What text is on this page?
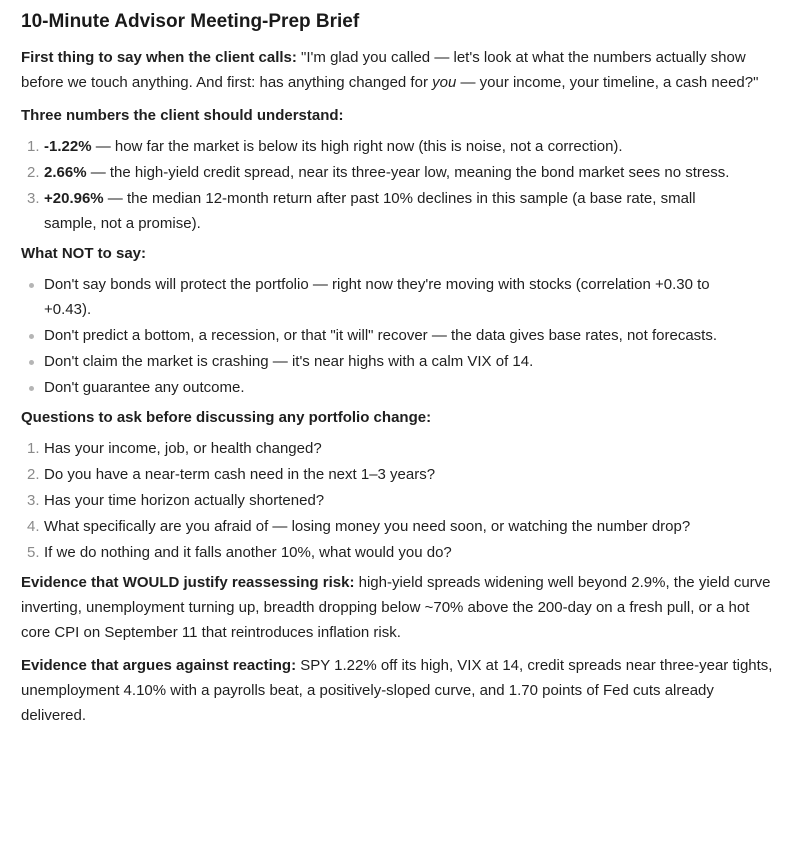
10-Minute Advisor Meeting-Prep Brief

First thing to say when the client calls: "I'm glad you called — let's look at what the numbers actually show before we touch anything. And first: has anything changed for you — your income, your timeline, a cash need?"

Three numbers the client should understand:

1. -1.22% — how far the market is below its high right now (this is noise, not a correction).
2. 2.66% — the high-yield credit spread, near its three-year low, meaning the bond market sees no stress.
3. +20.96% — the median 12-month return after past 10% declines in this sample (a base rate, small sample, not a promise).

What NOT to say:

Don't say bonds will protect the portfolio — right now they're moving with stocks (correlation +0.30 to +0.43).
Don't predict a bottom, a recession, or that "it will" recover — the data gives base rates, not forecasts.
Don't claim the market is crashing — it's near highs with a calm VIX of 14.
Don't guarantee any outcome.

Questions to ask before discussing any portfolio change:

1. Has your income, job, or health changed?
2. Do you have a near-term cash need in the next 1–3 years?
3. Has your time horizon actually shortened?
4. What specifically are you afraid of — losing money you need soon, or watching the number drop?
5. If we do nothing and it falls another 10%, what would you do?

Evidence that WOULD justify reassessing risk: high-yield spreads widening well beyond 2.9%, the yield curve inverting, unemployment turning up, breadth dropping below ~70% above the 200-day on a fresh pull, or a hot core CPI on September 11 that reintroduces inflation risk.

Evidence that argues against reacting: SPY 1.22% off its high, VIX at 14, credit spreads near three-year tights, unemployment 4.10% with a payrolls beat, a positively-sloped curve, and 1.70 points of Fed cuts already delivered.
